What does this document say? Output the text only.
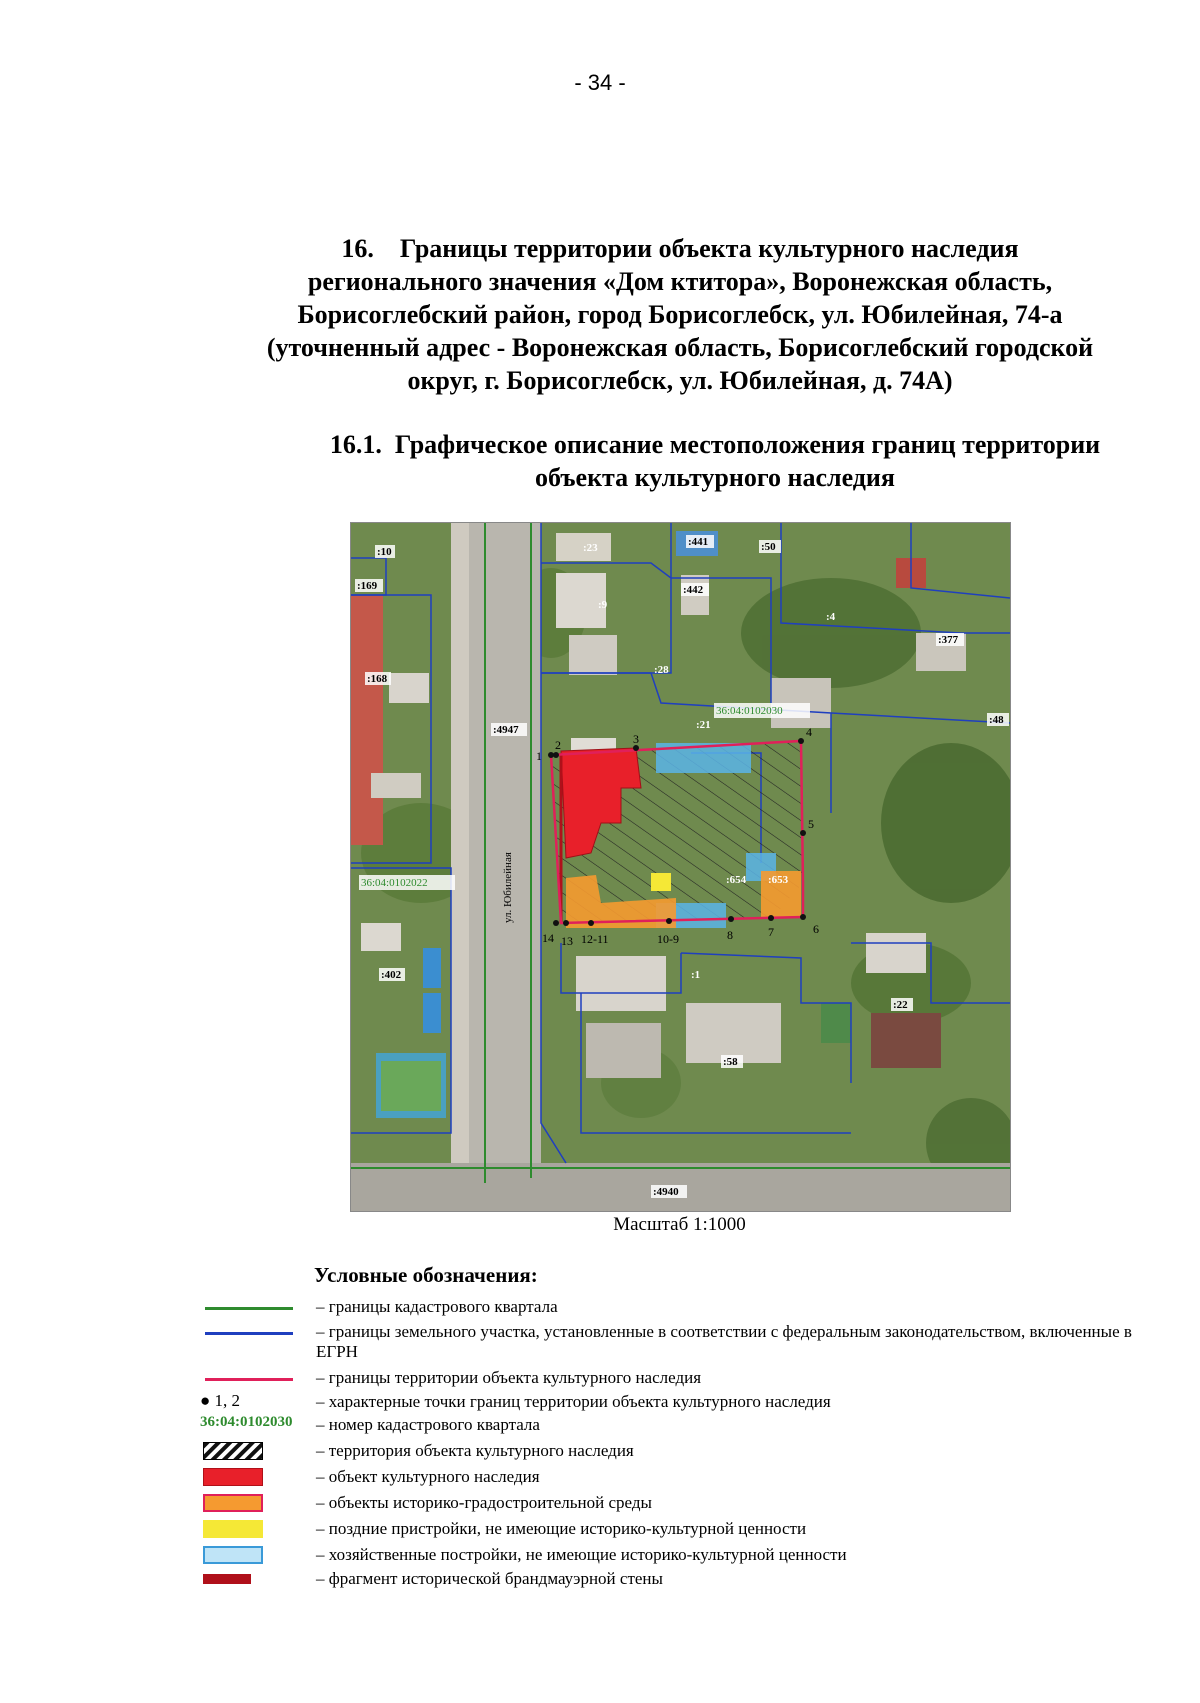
- 34 -
16.    Границы территории объекта культурного наследия
регионального значения «Дом ктитора», Воронежская область,
Борисоглебский район, город Борисоглебск, ул. Юбилейная, 74-а
(уточненный адрес - Воронежская область, Борисоглебский городской
округ, г. Борисоглебск, ул. Юбилейная, д. 74А)
16.1.  Графическое описание местоположения границ территории
объекта культурного наследия
1
2	3	4
5
6
7
8
10-9
12-11
13
14
:10
:169
:168
:23
:9
:441
:442
:50
:4
:377
:28
:48
:21
:4947
:654 :653
:402	:1
:22
:58
:4940
36:04:0102030
36:04:0102022	ул. Юбилейная
Масштаб 1:1000
Условные обозначения:
– границы кадастрового квартала
– границы земельного участка, установленные в соответствии с федеральным законодательством, включенные в ЕГРН
– границы территории объекта культурного наследия
● 1, 2	– характерные точки границ территории объекта культурного наследия
36:04:0102030	– номер кадастрового квартала
– территория объекта культурного наследия
– объект культурного наследия
– объекты историко-градостроительной среды
– поздние пристройки, не имеющие историко-культурной ценности
– хозяйственные постройки, не имеющие историко-культурной ценности
– фрагмент исторической брандмауэрной стены
